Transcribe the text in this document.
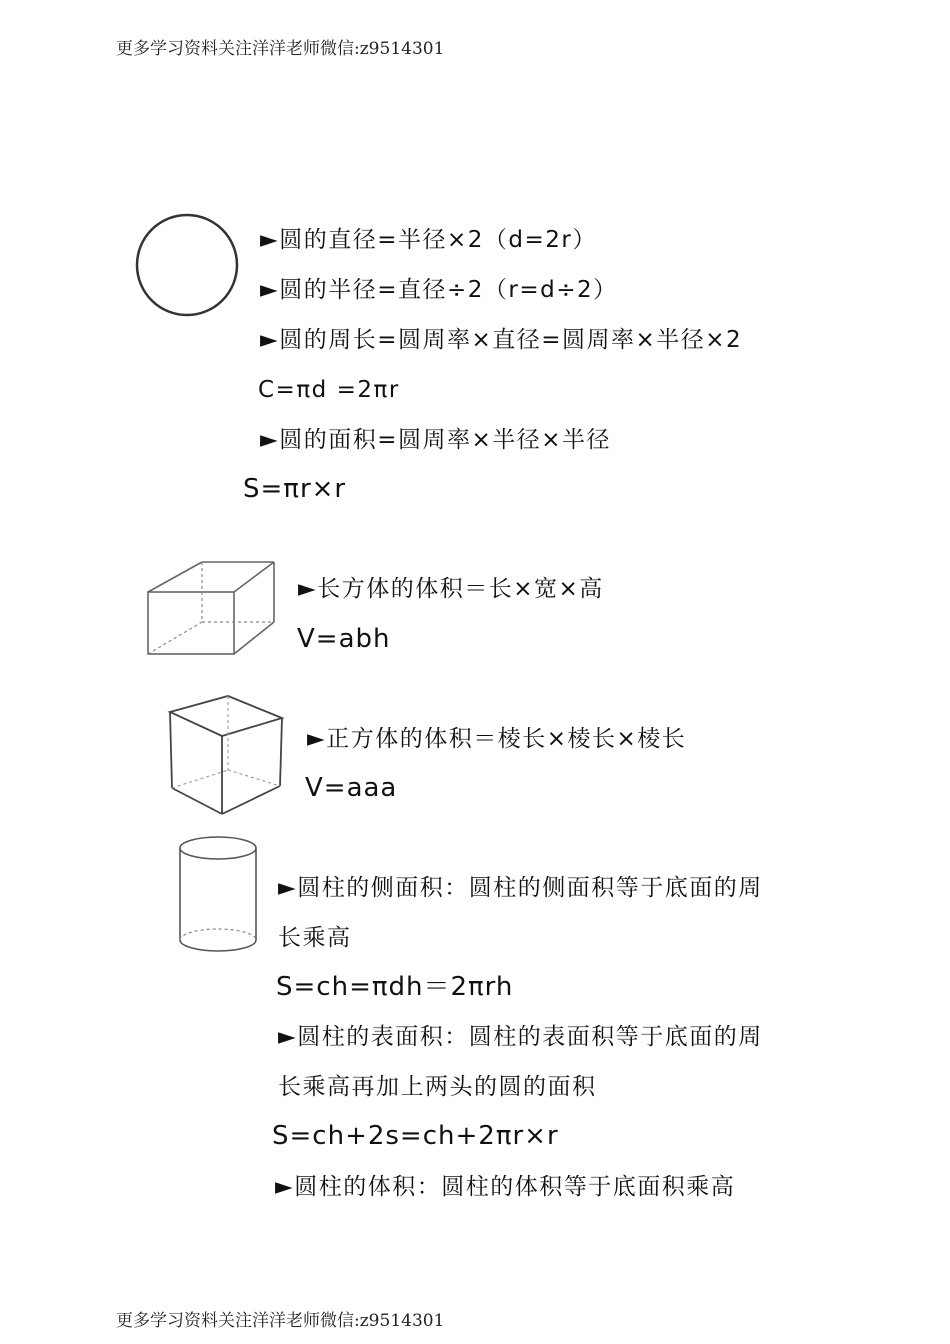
更多学习资料关注洋洋老师微信:z9514301
►圆的直径=半径×2（d=2r）
►圆的半径=直径÷2（r=d÷2）
►圆的周长=圆周率×直径=圆周率×半径×2
C=πd =2πr
►圆的面积=圆周率×半径×半径
S=πr×r
►长方体的体积＝长×宽×高
V=abh
►正方体的体积＝棱长×棱长×棱长
V=aaa
►圆柱的侧面积：圆柱的侧面积等于底面的周
长乘高
S=ch=πdh＝2πrh
►圆柱的表面积：圆柱的表面积等于底面的周
长乘高再加上两头的圆的面积
S=ch+2s=ch+2πr×r
►圆柱的体积：圆柱的体积等于底面积乘高
更多学习资料关注洋洋老师微信:z9514301
